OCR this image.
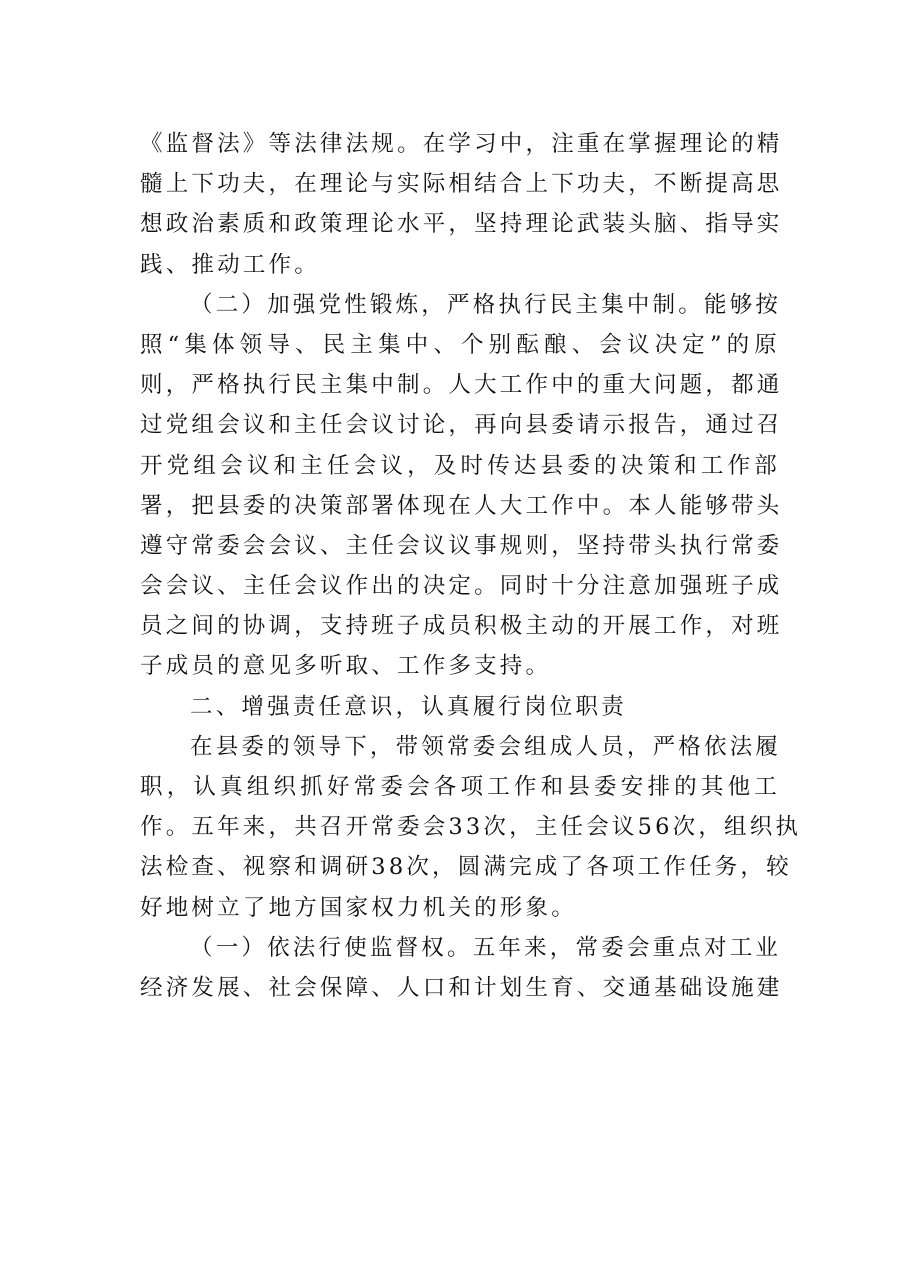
《监督法》等法律法规。在学习中，注重在掌握理论的精
髓上下功夫，在理论与实际相结合上下功夫，不断提高思
想政治素质和政策理论水平，坚持理论武装头脑、指导实
践、推动工作。
（二）加强党性锻炼，严格执行民主集中制。能够按
照“集体领导、民主集中、个别酝酿、会议决定”的原
则，严格执行民主集中制。人大工作中的重大问题，都通
过党组会议和主任会议讨论，再向县委请示报告，通过召
开党组会议和主任会议，及时传达县委的决策和工作部
署，把县委的决策部署体现在人大工作中。本人能够带头
遵守常委会会议、主任会议议事规则，坚持带头执行常委
会会议、主任会议作出的决定。同时十分注意加强班子成
员之间的协调，支持班子成员积极主动的开展工作，对班
子成员的意见多听取、工作多支持。
二、增强责任意识，认真履行岗位职责
在县委的领导下，带领常委会组成人员，严格依法履
职，认真组织抓好常委会各项工作和县委安排的其他工
作。五年来，共召开常委会33次，主任会议56次，组织执
法检查、视察和调研38次，圆满完成了各项工作任务，较
好地树立了地方国家权力机关的形象。
（一）依法行使监督权。五年来，常委会重点对工业
经济发展、社会保障、人口和计划生育、交通基础设施建
